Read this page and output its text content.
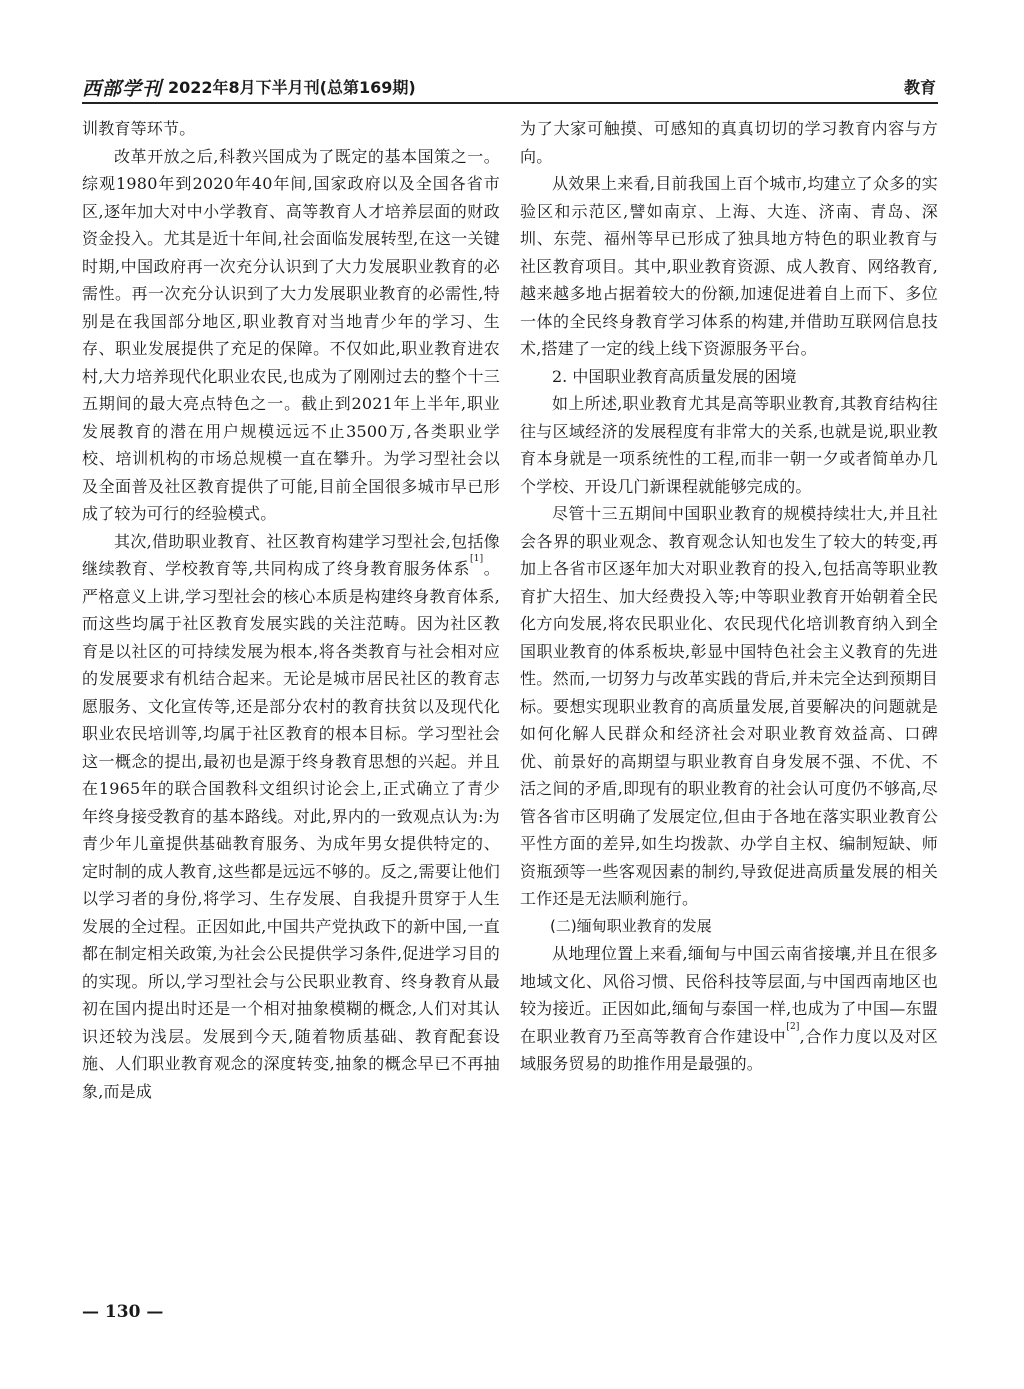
西部学刊 2022年8月下半月刊(总第169期)	教育

训教育等环节。

改革开放之后,科教兴国成为了既定的基本国策之一。综观1980年到2020年40年间,国家政府以及全国各省市区,逐年加大对中小学教育、高等教育人才培养层面的财政资金投入。尤其是近十年间,社会面临发展转型,在这一关键时期,中国政府再一次充分认识到了大力发展职业教育的必需性。再一次充分认识到了大力发展职业教育的必需性,特别是在我国部分地区,职业教育对当地青少年的学习、生存、职业发展提供了充足的保障。不仅如此,职业教育进农村,大力培养现代化职业农民,也成为了刚刚过去的整个十三五期间的最大亮点特色之一。截止到2021年上半年,职业发展教育的潜在用户规模远远不止3500万,各类职业学校、培训机构的市场总规模一直在攀升。为学习型社会以及全面普及社区教育提供了可能,目前全国很多城市早已形成了较为可行的经验模式。

其次,借助职业教育、社区教育构建学习型社会,包括像继续教育、学校教育等,共同构成了终身教育服务体系[1]。严格意义上讲,学习型社会的核心本质是构建终身教育体系,而这些均属于社区教育发展实践的关注范畴。因为社区教育是以社区的可持续发展为根本,将各类教育与社会相对应的发展要求有机结合起来。无论是城市居民社区的教育志愿服务、文化宣传等,还是部分农村的教育扶贫以及现代化职业农民培训等,均属于社区教育的根本目标。学习型社会这一概念的提出,最初也是源于终身教育思想的兴起。并且在1965年的联合国教科文组织讨论会上,正式确立了青少年终身接受教育的基本路线。对此,界内的一致观点认为:为青少年儿童提供基础教育服务、为成年男女提供特定的、定时制的成人教育,这些都是远远不够的。反之,需要让他们以学习者的身份,将学习、生存发展、自我提升贯穿于人生发展的全过程。正因如此,中国共产党执政下的新中国,一直都在制定相关政策,为社会公民提供学习条件,促进学习目的的实现。所以,学习型社会与公民职业教育、终身教育从最初在国内提出时还是一个相对抽象模糊的概念,人们对其认识还较为浅层。发展到今天,随着物质基础、教育配套设施、人们职业教育观念的深度转变,抽象的概念早已不再抽象,而是成

为了大家可触摸、可感知的真真切切的学习教育内容与方向。

从效果上来看,目前我国上百个城市,均建立了众多的实验区和示范区,譬如南京、上海、大连、济南、青岛、深圳、东莞、福州等早已形成了独具地方特色的职业教育与社区教育项目。其中,职业教育资源、成人教育、网络教育,越来越多地占据着较大的份额,加速促进着自上而下、多位一体的全民终身教育学习体系的构建,并借助互联网信息技术,搭建了一定的线上线下资源服务平台。

2. 中国职业教育高质量发展的困境

如上所述,职业教育尤其是高等职业教育,其教育结构往往与区域经济的发展程度有非常大的关系,也就是说,职业教育本身就是一项系统性的工程,而非一朝一夕或者简单办几个学校、开设几门新课程就能够完成的。

尽管十三五期间中国职业教育的规模持续壮大,并且社会各界的职业观念、教育观念认知也发生了较大的转变,再加上各省市区逐年加大对职业教育的投入,包括高等职业教育扩大招生、加大经费投入等;中等职业教育开始朝着全民化方向发展,将农民职业化、农民现代化培训教育纳入到全国职业教育的体系板块,彰显中国特色社会主义教育的先进性。然而,一切努力与改革实践的背后,并未完全达到预期目标。要想实现职业教育的高质量发展,首要解决的问题就是如何化解人民群众和经济社会对职业教育效益高、口碑优、前景好的高期望与职业教育自身发展不强、不优、不活之间的矛盾,即现有的职业教育的社会认可度仍不够高,尽管各省市区明确了发展定位,但由于各地在落实职业教育公平性方面的差异,如生均拨款、办学自主权、编制短缺、师资瓶颈等一些客观因素的制约,导致促进高质量发展的相关工作还是无法顺利施行。

(二)缅甸职业教育的发展

从地理位置上来看,缅甸与中国云南省接壤,并且在很多地域文化、风俗习惯、民俗科技等层面,与中国西南地区也较为接近。正因如此,缅甸与泰国一样,也成为了中国—东盟在职业教育乃至高等教育合作建设中[2],合作力度以及对区域服务贸易的助推作用是最强的。

— 130 —
